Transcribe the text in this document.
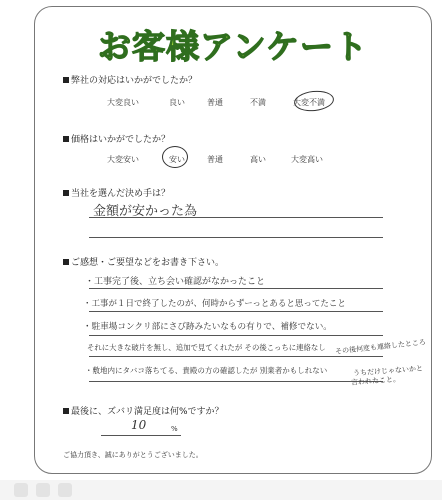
お客様アンケート
弊社の対応はいかがでしたか？
大変良い	良い	普通	不満	大変不満
価格はいかがでしたか？
大変安い	安い	普通	高い	大変高い
当社を選んだ決め手は？
金額が安かった為
ご感想・ご要望などをお書き下さい。
・工事完了後、立ち会い確認がなかったこと
・工事が１日で終了したのが、何時からずーっとあると思ってたこと
・駐車場コンクリ部にさび跡みたいなもの有りで、補修でない。
それに大きな破片を無し、追加で見てくれたが その後こっちに連絡なし
・敷地内にタバコ落ちてる、貴殿の方の確認したが 別業者かもしれない
その後何度も連絡したところ
うちだけじゃないかと
言われたこと。
最後に、ズバリ満足度は何%ですか？
10	%
ご協力頂き、誠にありがとうございました。
